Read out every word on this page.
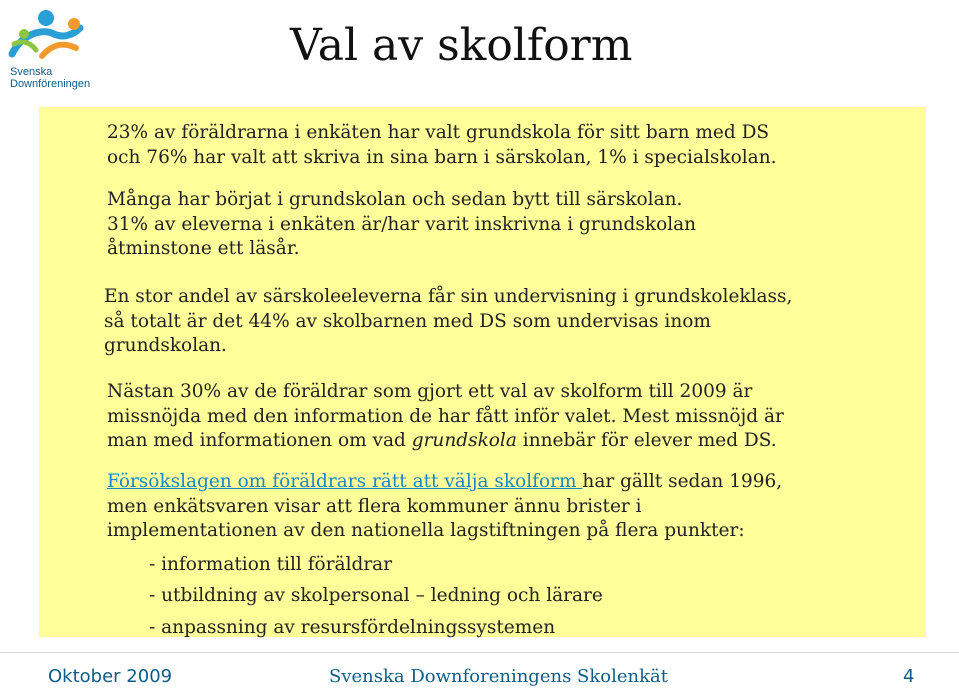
Svenska
Downföreningen
Val av skolform
23% av föräldrarna i enkäten har valt grundskola för sitt barn med DS
och 76% har valt att skriva in sina barn i särskolan, 1% i specialskolan.
Många har börjat i grundskolan och sedan bytt till särskolan.
31% av eleverna i enkäten är/har varit inskrivna i grundskolan
åtminstone ett läsår.
En stor andel av särskoleeleverna får sin undervisning i grundskoleklass,
så totalt är det 44% av skolbarnen med DS som undervisas inom
grundskolan.
Nästan 30% av de föräldrar som gjort ett val av skolform till 2009 är
missnöjda med den information de har fått inför valet. Mest missnöjd är
man med informationen om vad grundskola innebär för elever med DS.
Försökslagen om föräldrars rätt att välja skolform har gällt sedan 1996,
men enkätsvaren visar att flera kommuner ännu brister i
implementationen av den nationella lagstiftningen på flera punkter:
- information till föräldrar
- utbildning av skolpersonal – ledning och lärare
- anpassning av resursfördelningssystemen
Oktober 2009	Svenska Downforeningens Skolenkät	4
